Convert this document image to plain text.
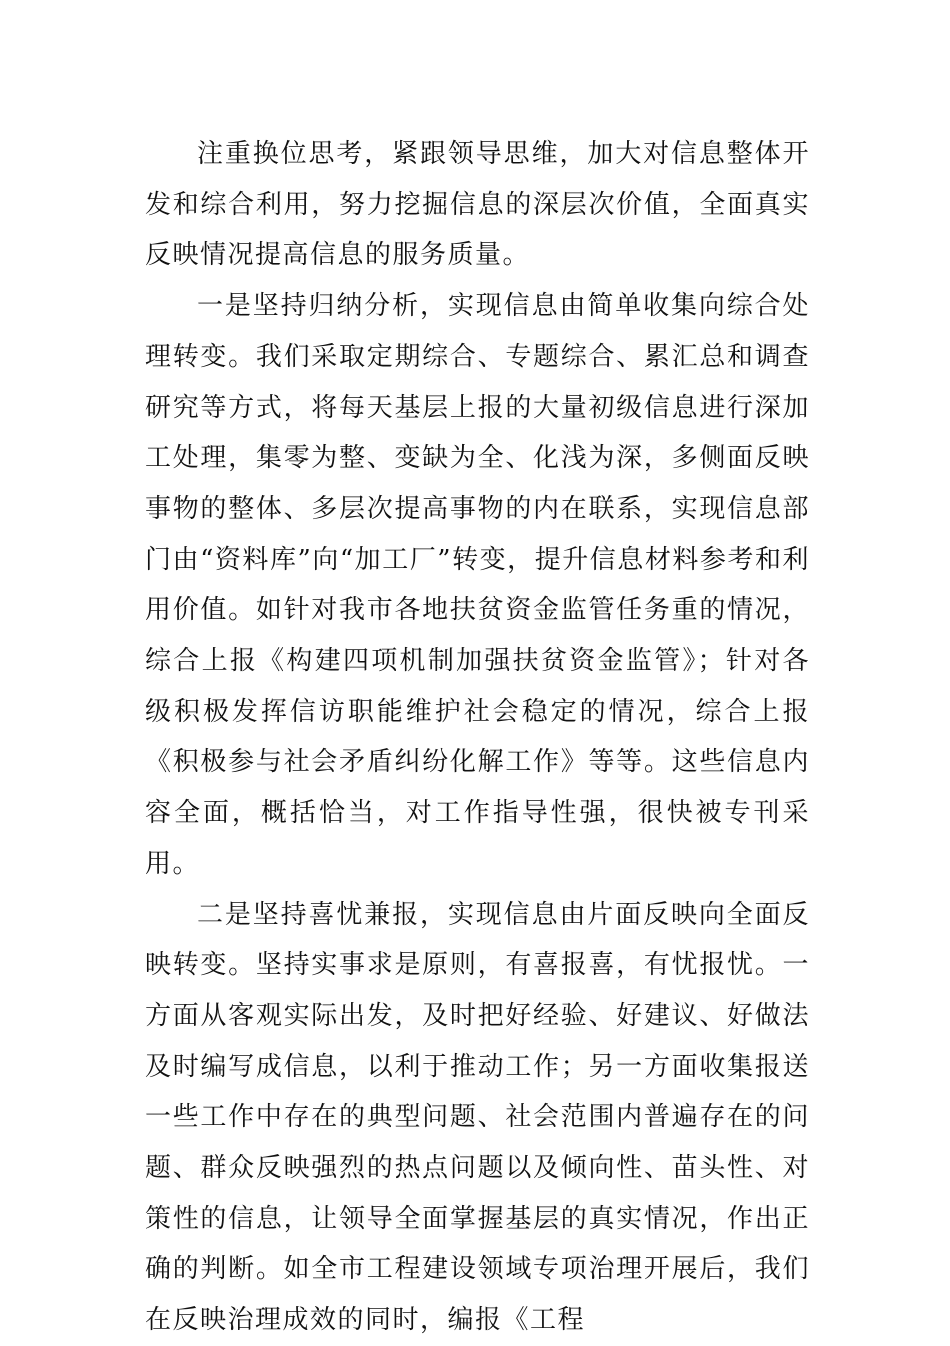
注重换位思考，紧跟领导思维，加大对信息整体开发和综合利用，努力挖掘信息的深层次价值，全面真实反映情况提高信息的服务质量。

一是坚持归纳分析，实现信息由简单收集向综合处理转变。我们采取定期综合、专题综合、累汇总和调查研究等方式，将每天基层上报的大量初级信息进行深加工处理，集零为整、变缺为全、化浅为深，多侧面反映事物的整体、多层次提高事物的内在联系，实现信息部门由“资料库”向“加工厂”转变，提升信息材料参考和利用价值。如针对我市各地扶贫资金监管任务重的情况，综合上报《构建四项机制加强扶贫资金监管》；针对各级积极发挥信访职能维护社会稳定的情况，综合上报《积极参与社会矛盾纠纷化解工作》等等。这些信息内容全面，概括恰当，对工作指导性强，很快被专刊采用。

二是坚持喜忧兼报，实现信息由片面反映向全面反映转变。坚持实事求是原则，有喜报喜，有忧报忧。一方面从客观实际出发，及时把好经验、好建议、好做法及时编写成信息，以利于推动工作；另一方面收集报送一些工作中存在的典型问题、社会范围内普遍存在的问题、群众反映强烈的热点问题以及倾向性、苗头性、对策性的信息，让领导全面掌握基层的真实情况，作出正确的判断。如全市工程建设领域专项治理开展后，我们在反映治理成效的同时，编报《工程
